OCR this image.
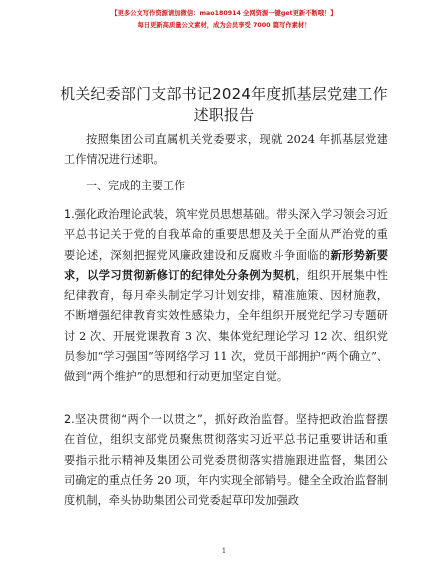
【更多公文写作资源请加微信：mao180914 全网资源一键get更新不断哦！】
每日更新高质量公文素材，成为会员享受 7000 篇写作素材！
机关纪委部门支部书记2024年度抓基层党建工作述职报告

按照集团公司直属机关党委要求，现就 2024 年抓基层党建工作情况进行述职。

一、完成的主要工作

1.强化政治理论武装，筑牢党员思想基础。带头深入学习领会习近平总书记关于党的自我革命的重要思想及关于全面从严治党的重要论述，深刻把握党风廉政建设和反腐败斗争面临的新形势新要求，以学习贯彻新修订的纪律处分条例为契机，组织开展集中性纪律教育，每月牵头制定学习计划安排，精准施策、因材施教，不断增强纪律教育实效性感染力，全年组织开展党纪学习专题研讨 2 次、开展党课教育 3 次、集体党纪理论学习 12 次、组织党员参加“学习强国”等网络学习 11 次，党员干部拥护“两个确立”、做到“两个维护”的思想和行动更加坚定自觉。

2.坚决贯彻“两个一以贯之”，抓好政治监督。坚持把政治监督摆在首位，组织支部党员聚焦贯彻落实习近平总书记重要讲话和重要指示批示精神及集团公司党委贯彻落实措施跟进监督，集团公司确定的重点任务 20 项，年内实现全部销号。健全全政治监督制度机制，牵头协助集团公司党委起草印发加强政

1
